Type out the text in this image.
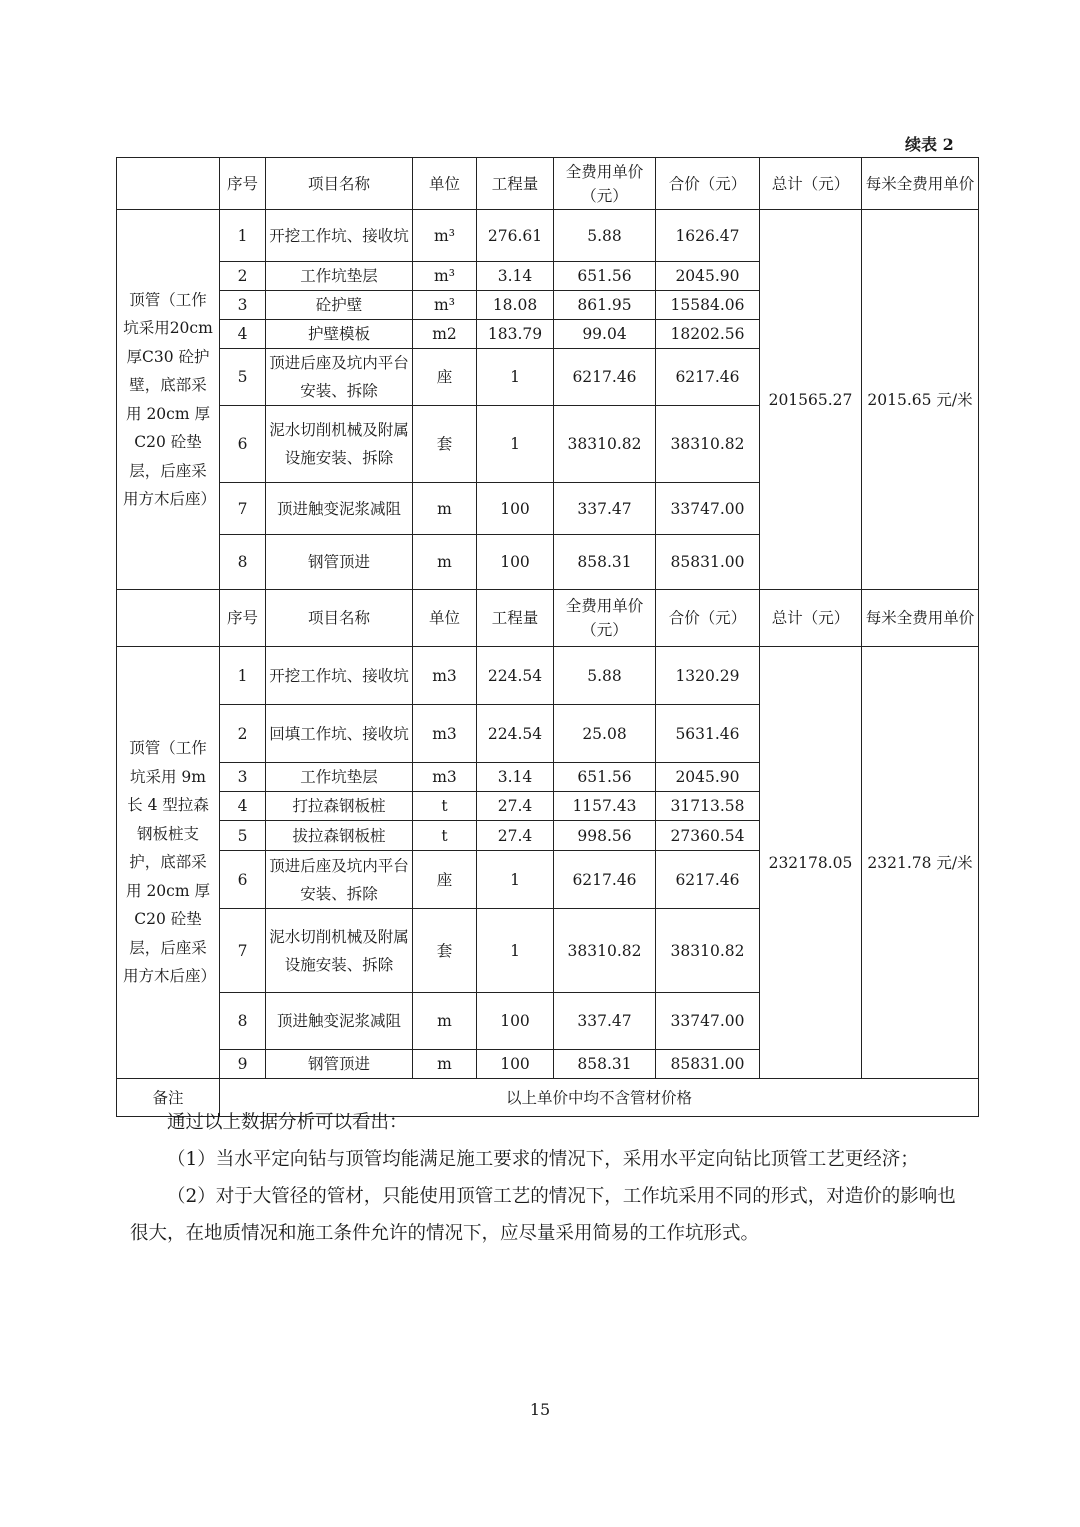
续表 2
	序号	项目名称	单位	工程量	全费用单价（元）	合价（元）	总计（元）	每米全费用单价
顶管（工作坑采用20cm 厚C30 砼护壁，底部采用 20cm 厚C20 砼垫层，后座采用方木后座）	1	开挖工作坑、接收坑	m³	276.61	5.88	1626.47	201565.27	2015.65 元/米
2	工作坑垫层	m³	3.14	651.56	2045.90
3	砼护壁	m³	18.08	861.95	15584.06
4	护壁模板	m2	183.79	99.04	18202.56
5	顶进后座及坑内平台安装、拆除	座	1	6217.46	6217.46
6	泥水切削机械及附属设施安装、拆除	套	1	38310.82	38310.82
7	顶进触变泥浆减阻	m	100	337.47	33747.00
8	钢管顶进	m	100	858.31	85831.00
	序号	项目名称	单位	工程量	全费用单价（元）	合价（元）	总计（元）	每米全费用单价
顶管（工作坑采用 9m 长 4 型拉森钢板桩支护，底部采用 20cm 厚C20 砼垫层，后座采用方木后座）	1	开挖工作坑、接收坑	m3	224.54	5.88	1320.29	232178.05	2321.78 元/米
2	回填工作坑、接收坑	m3	224.54	25.08	5631.46
3	工作坑垫层	m3	3.14	651.56	2045.90
4	打拉森钢板桩	t	27.4	1157.43	31713.58
5	拔拉森钢板桩	t	27.4	998.56	27360.54
6	顶进后座及坑内平台安装、拆除	座	1	6217.46	6217.46
7	泥水切削机械及附属设施安装、拆除	套	1	38310.82	38310.82
8	顶进触变泥浆减阻	m	100	337.47	33747.00
9	钢管顶进	m	100	858.31	85831.00
备注	以上单价中均不含管材价格

通过以上数据分析可以看出：

（1）当水平定向钻与顶管均能满足施工要求的情况下，采用水平定向钻比顶管工艺更经济；

（2）对于大管径的管材，只能使用顶管工艺的情况下，工作坑采用不同的形式，对造价的影响也很大，在地质情况和施工条件允许的情况下，应尽量采用简易的工作坑形式。

15
